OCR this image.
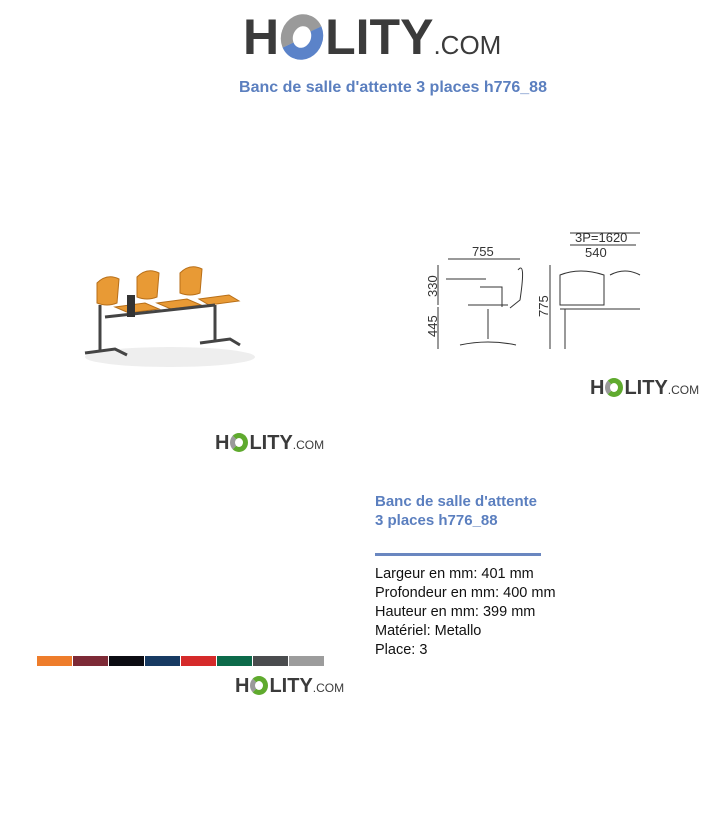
H LITY .COM
Banc de salle d'attente 3 places h776_88
755
3P=1620
540
330
445
775
H LITY .COM
H LITY .COM
Banc de salle d'attente 3 places h776_88
Largeur en mm: 401 mm
Profondeur en mm: 400 mm
Hauteur en mm: 399 mm
Matériel: Metallo
Place: 3
H LITY .COM
